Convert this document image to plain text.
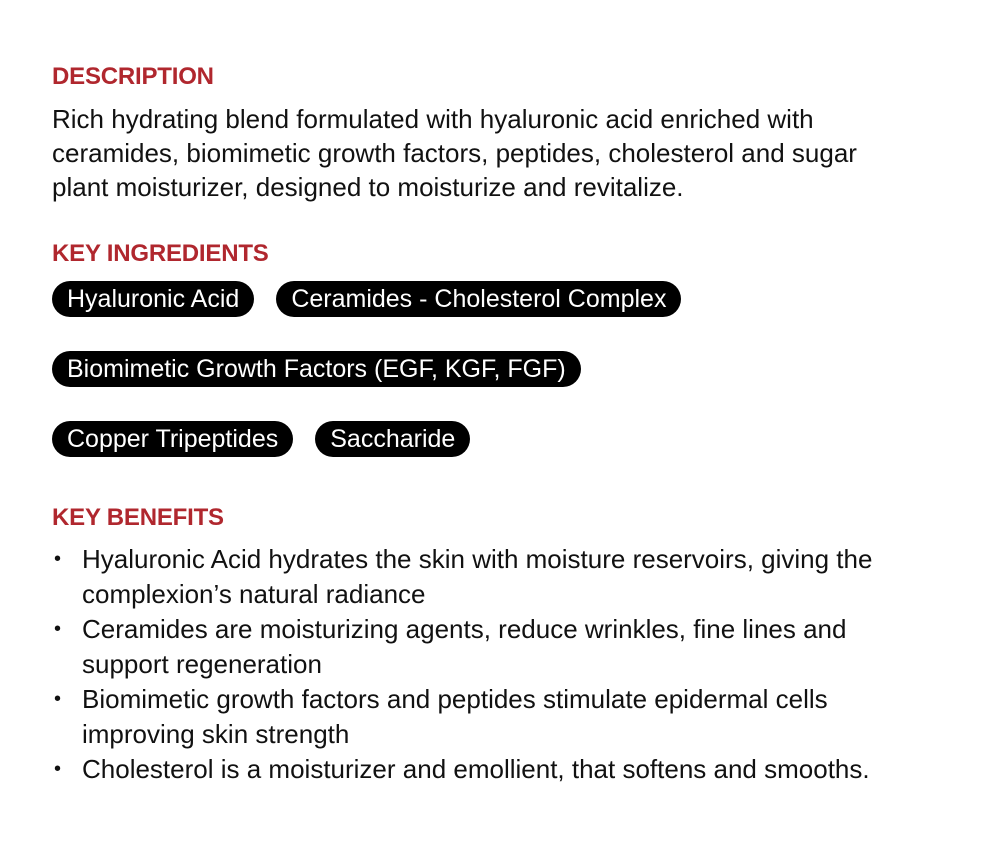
DESCRIPTION

Rich hydrating blend formulated with hyaluronic acid enriched with ceramides, biomimetic growth factors, peptides, cholesterol and sugar plant moisturizer, designed to moisturize and revitalize.

KEY INGREDIENTS
Hyaluronic Acid	Ceramides - Cholesterol Complex
Biomimetic Growth Factors (EGF, KGF, FGF)
Copper Tripeptides	Saccharide
KEY BENEFITS
• Hyaluronic Acid hydrates the skin with moisture reservoirs, giving the complexion’s natural radiance
• Ceramides are moisturizing agents, reduce wrinkles, fine lines and support regeneration
• Biomimetic growth factors and peptides stimulate epidermal cells improving skin strength
• Cholesterol is a moisturizer and emollient, that softens and smooths.
